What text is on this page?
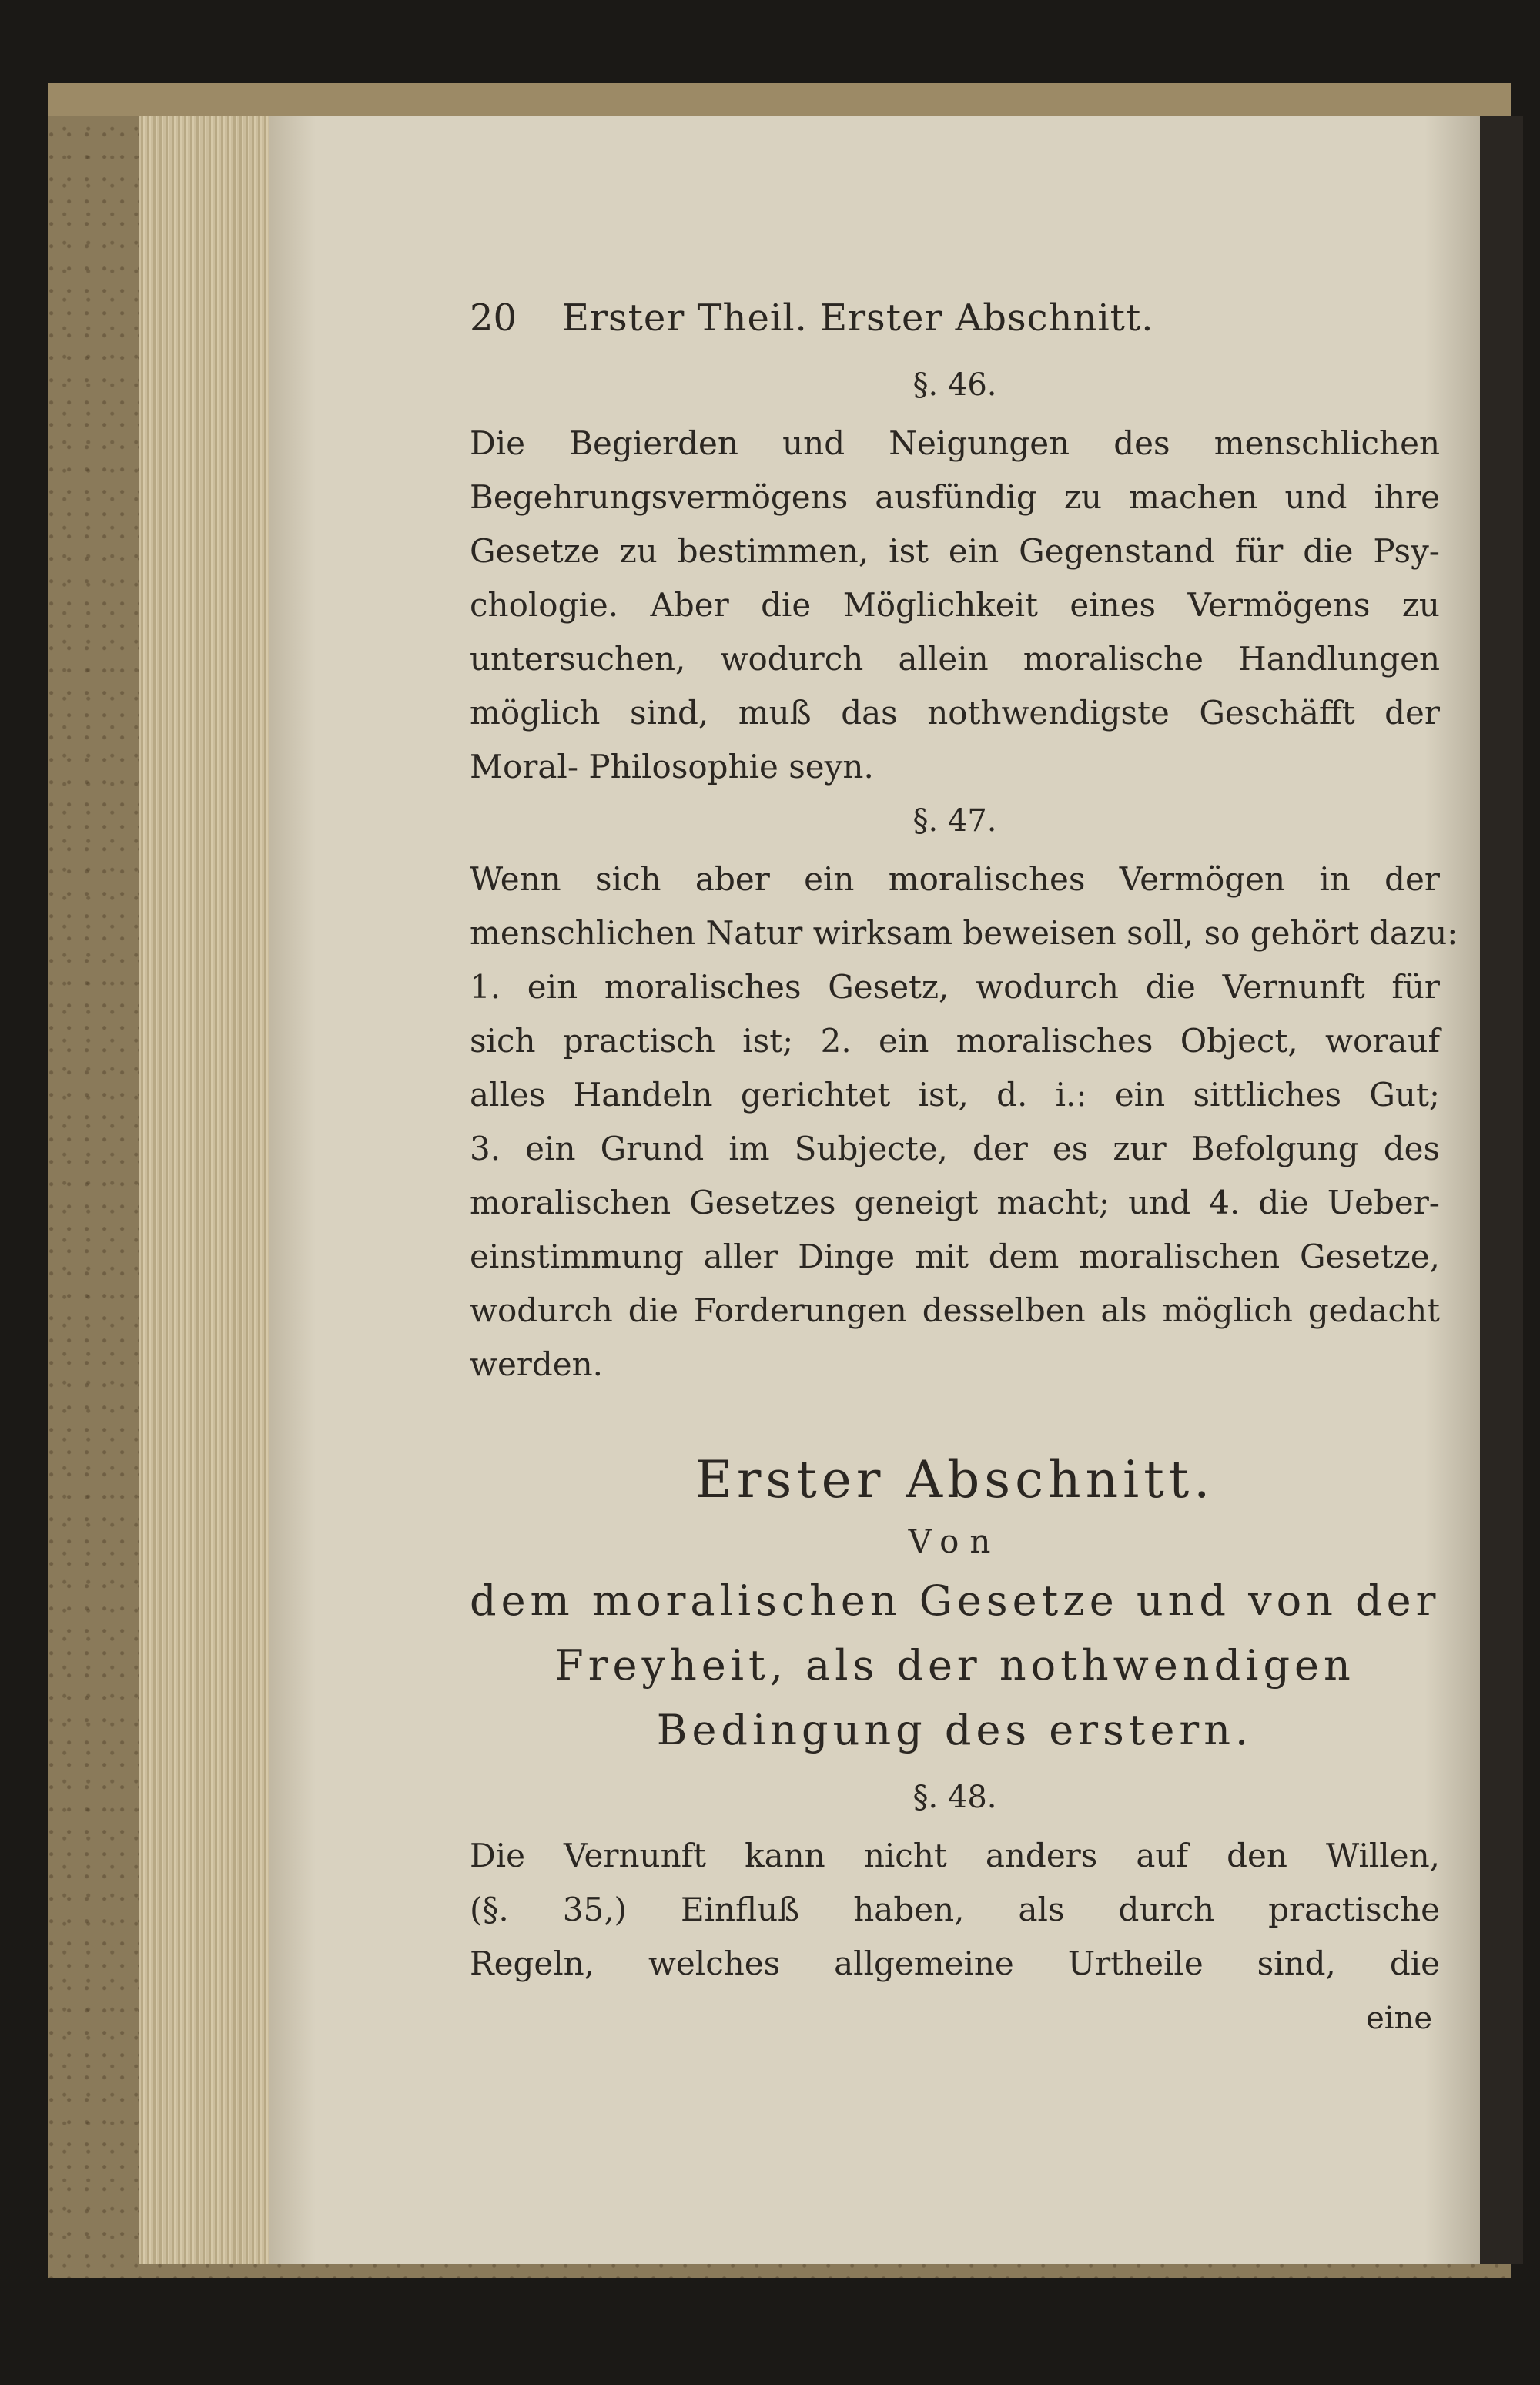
20	Erster Theil. Erster Abschnitt.
§. 46.
Die Begierden und Neigungen des menschlichen
Begehrungsvermögens ausfündig zu machen und ihre
Gesetze zu bestimmen, ist ein Gegenstand für die Psy-
chologie. Aber die Möglichkeit eines Vermögens zu
untersuchen, wodurch allein moralische Handlungen
möglich sind, muß das nothwendigste Geschäfft der
Moral- Philosophie seyn.
§. 47.
Wenn sich aber ein moralisches Vermögen in der
menschlichen Natur wirksam beweisen soll, so gehört dazu:
1. ein moralisches Gesetz, wodurch die Vernunft für
sich practisch ist; 2. ein moralisches Object, worauf
alles Handeln gerichtet ist, d. i.: ein sittliches Gut;
3. ein Grund im Subjecte, der es zur Befolgung des
moralischen Gesetzes geneigt macht; und 4. die Ueber-
einstimmung aller Dinge mit dem moralischen Gesetze,
wodurch die Forderungen desselben als möglich gedacht
werden.
Erster Abschnitt.
Von
dem moralischen Gesetze und von der
Freyheit, als der nothwendigen
Bedingung des erstern.
§. 48.
Die Vernunft kann nicht anders auf den Willen,
(§. 35,) Einfluß haben, als durch practische
Regeln, welches allgemeine Urtheile sind, die
eine
